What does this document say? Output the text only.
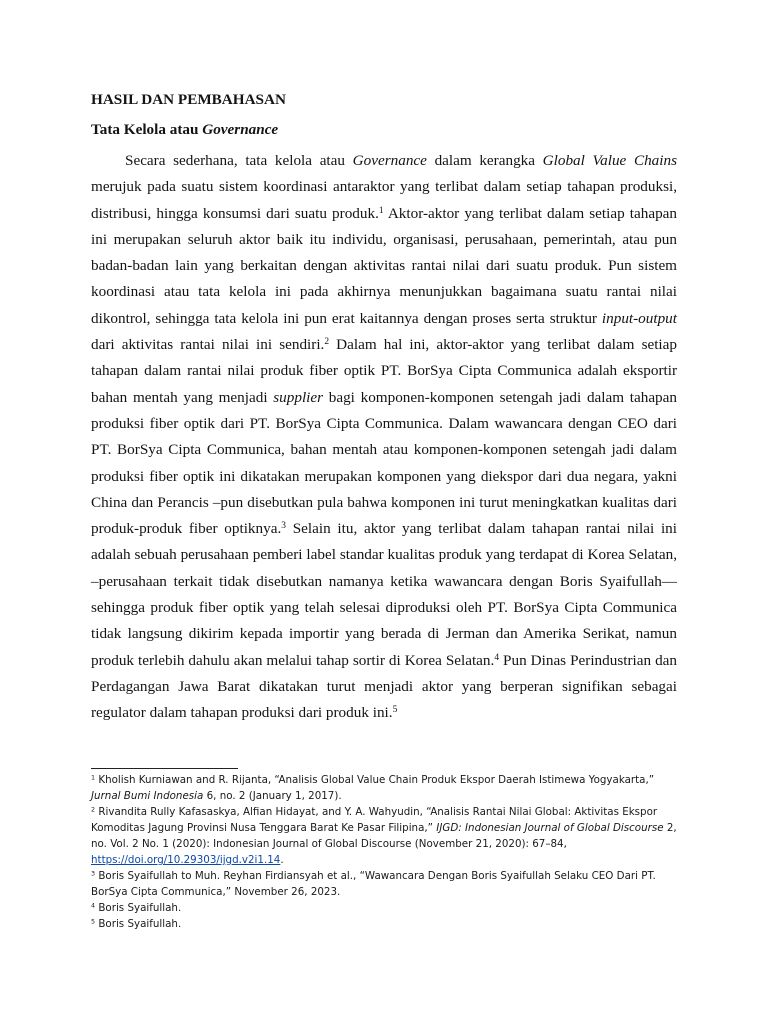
HASIL DAN PEMBAHASAN

Tata Kelola atau Governance

Secara sederhana, tata kelola atau Governance dalam kerangka Global Value Chains merujuk pada suatu sistem koordinasi antaraktor yang terlibat dalam setiap tahapan produksi, distribusi, hingga konsumsi dari suatu produk.$^1$ Aktor-aktor yang terlibat dalam setiap tahapan ini merupakan seluruh aktor baik itu individu, organisasi, perusahaan, pemerintah, atau pun badan-badan lain yang berkaitan dengan aktivitas rantai nilai dari suatu produk. Pun sistem koordinasi atau tata kelola ini pada akhirnya menunjukkan bagaimana suatu rantai nilai dikontrol, sehingga tata kelola ini pun erat kaitannya dengan proses serta struktur input-output dari aktivitas rantai nilai ini sendiri.$^2$ Dalam hal ini, aktor-aktor yang terlibat dalam setiap tahapan dalam rantai nilai produk fiber optik PT. BorSya Cipta Communica adalah eksportir bahan mentah yang menjadi supplier bagi komponen-komponen setengah jadi dalam tahapan produksi fiber optik dari PT. BorSya Cipta Communica. Dalam wawancara dengan CEO dari PT. BorSya Cipta Communica, bahan mentah atau komponen-komponen setengah jadi dalam produksi fiber optik ini dikatakan merupakan komponen yang diekspor dari dua negara, yakni China dan Perancis –pun disebutkan pula bahwa komponen ini turut meningkatkan kualitas dari produk-produk fiber optiknya.$^3$ Selain itu, aktor yang terlibat dalam tahapan rantai nilai ini adalah sebuah perusahaan pemberi label standar kualitas produk yang terdapat di Korea Selatan, –perusahaan terkait tidak disebutkan namanya ketika wawancara dengan Boris Syaifullah— sehingga produk fiber optik yang telah selesai diproduksi oleh PT. BorSya Cipta Communica tidak langsung dikirim kepada importir yang berada di Jerman dan Amerika Serikat, namun produk terlebih dahulu akan melalui tahap sortir di Korea Selatan.$^4$ Pun Dinas Perindustrian dan Perdagangan Jawa Barat dikatakan turut menjadi aktor yang berperan signifikan sebagai regulator dalam tahapan produksi dari produk ini.$^5$

$^1$ Kholish Kurniawan and R. Rijanta, “Analisis Global Value Chain Produk Ekspor Daerah Istimewa Yogyakarta,” Jurnal Bumi Indonesia 6, no. 2 (January 1, 2017).

$^2$ Rivandita Rully Kafasaskya, Alfian Hidayat, and Y. A. Wahyudin, “Analisis Rantai Nilai Global: Aktivitas Ekspor Komoditas Jagung Provinsi Nusa Tenggara Barat Ke Pasar Filipina,” IJGD: Indonesian Journal of Global Discourse 2, no. Vol. 2 No. 1 (2020): Indonesian Journal of Global Discourse (November 21, 2020): 67–84, https://doi.org/10.29303/ijgd.v2i1.14.

$^3$ Boris Syaifullah to Muh. Reyhan Firdiansyah et al., “Wawancara Dengan Boris Syaifullah Selaku CEO Dari PT. BorSya Cipta Communica,” November 26, 2023.

$^4$ Boris Syaifullah.

$^5$ Boris Syaifullah.
